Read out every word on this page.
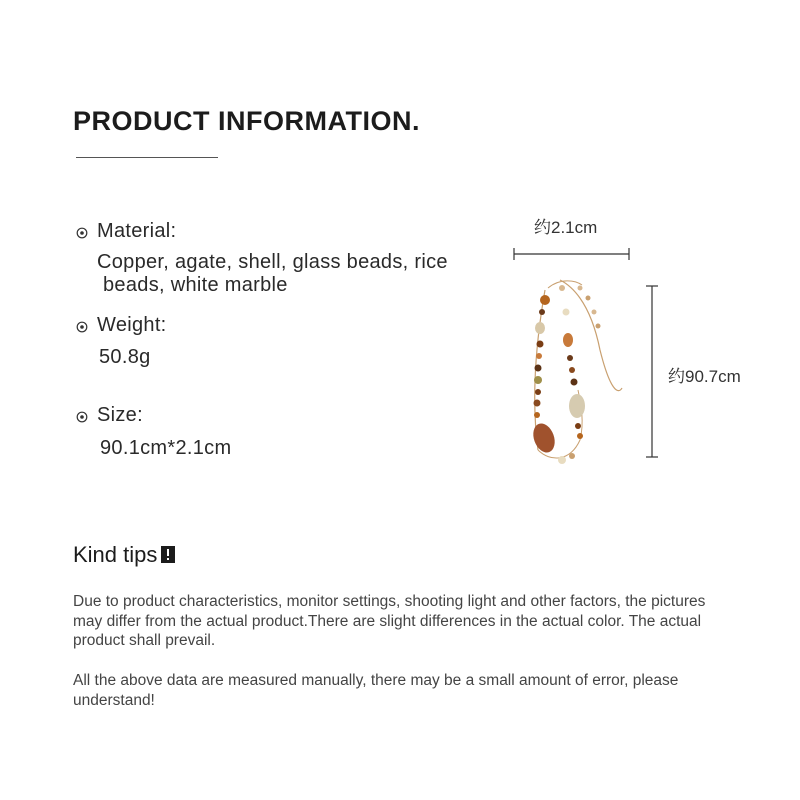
PRODUCT INFORMATION.
Material:
Copper, agate, shell, glass beads, rice
beads, white marble
Weight:
50.8g
Size:
90.1cm*2.1cm
约2.1cm
约90.7cm
Kind tips

Due to product characteristics, monitor settings, shooting light and other factors, the pictures may differ from the actual product.There are slight differences in the actual color. The actual product shall prevail.

All the above data are measured manually, there may be a small amount of error, please understand!
